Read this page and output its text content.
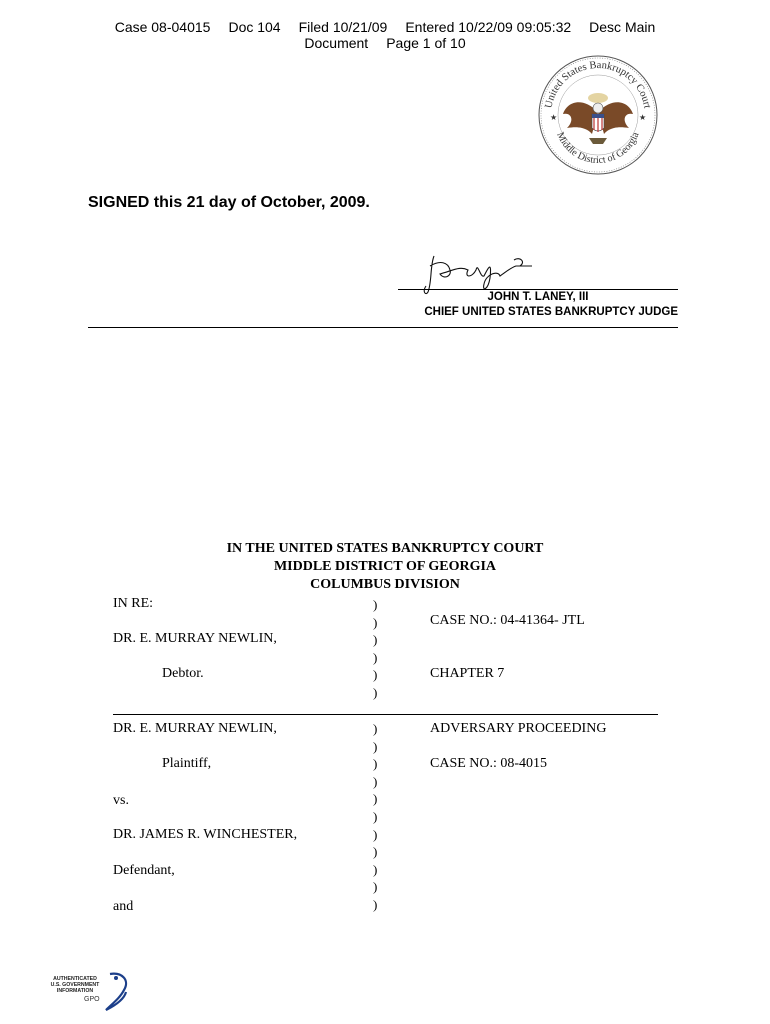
Case 08-04015 Doc 104 Filed 10/21/09 Entered 10/22/09 09:05:32 Desc Main
Document Page 1 of 10
United States Bankruptcy Court
Middle District of Georgia
★	★
SIGNED this 21 day of October, 2009.
JOHN T. LANEY, III
CHIEF UNITED STATES BANKRUPTCY JUDGE
IN THE UNITED STATES BANKRUPTCY COURT
MIDDLE DISTRICT OF GEORGIA
COLUMBUS DIVISION
IN RE:
DR. E. MURRAY NEWLIN,
Debtor.
CASE NO.: 04-41364- JTL
CHAPTER 7
)
)
)
)
)
)
DR. E. MURRAY NEWLIN,
Plaintiff,
vs.
DR. JAMES R. WINCHESTER,
Defendant,
and
ADVERSARY PROCEEDING
CASE NO.: 08-4015
)
)
)
)
)
)
)
)
)
)
)
AUTHENTICATED
U.S. GOVERNMENT
INFORMATION
GPO
